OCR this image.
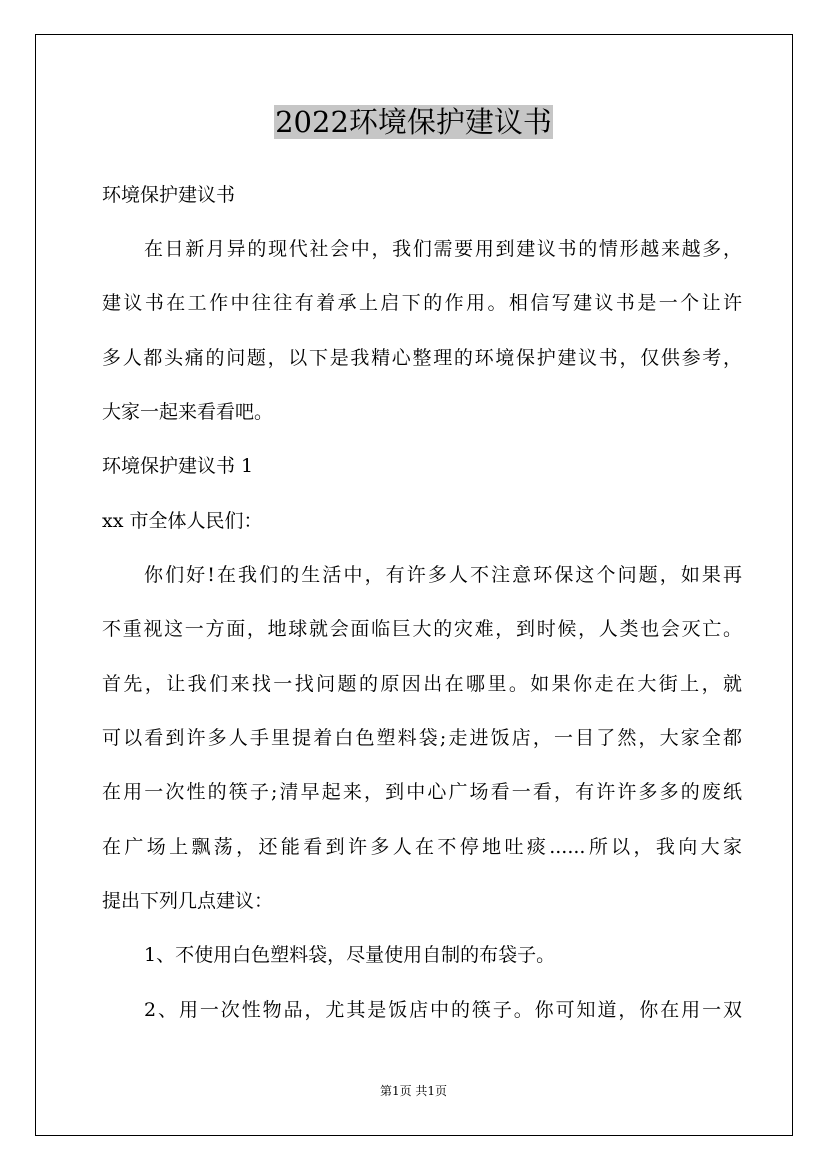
2022环境保护建议书
环境保护建议书
在日新月异的现代社会中，我们需要用到建议书的情形越来越多，
建议书在工作中往往有着承上启下的作用。相信写建议书是一个让许
多人都头痛的问题，以下是我精心整理的环境保护建议书，仅供参考，
大家一起来看看吧。
环境保护建议书 1
xx 市全体人民们：
你们好!在我们的生活中，有许多人不注意环保这个问题，如果再
不重视这一方面，地球就会面临巨大的灾难，到时候，人类也会灭亡。
首先，让我们来找一找问题的原因出在哪里。如果你走在大街上，就
可以看到许多人手里提着白色塑料袋;走进饭店，一目了然，大家全都
在用一次性的筷子;清早起来，到中心广场看一看，有许许多多的废纸
在广场上飘荡，还能看到许多人在不停地吐痰......所以，我向大家
提出下列几点建议：
1、不使用白色塑料袋，尽量使用自制的布袋子。
2、用一次性物品，尤其是饭店中的筷子。你可知道，你在用一双
第1页 共1页
